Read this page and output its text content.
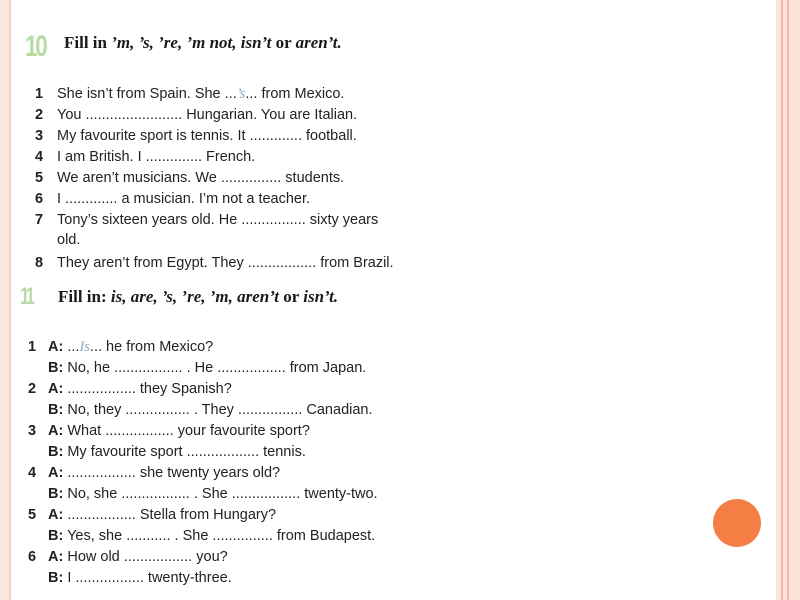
10 Fill in ’m, ’s, ’re, ’m not, isn’t or aren’t.
1 She isn’t from Spain. She ...’s... from Mexico.
2 You ........................ Hungarian. You are Italian.
3 My favourite sport is tennis. It ............. football.
4 I am British. I .............. French.
5 We aren’t musicians. We ............... students.
6 I ............. a musician. I’m not a teacher.
7 Tony’s sixteen years old. He ................ sixty years
old.
8 They aren’t from Egypt. They ................. from Brazil.
11 Fill in: is, are, ’s, ’re, ’m, aren’t or isn’t.
1 A: ...Is... he from Mexico?
B: No, he ................. . He ................. from Japan.
2 A: ................. they Spanish?
B: No, they ................ . They ................ Canadian.
3 A: What ................. your favourite sport?
B: My favourite sport .................. tennis.
4 A: ................. she twenty years old?
B: No, she ................. . She ................. twenty-two.
5 A: ................. Stella from Hungary?
B: Yes, she ........... . She ............... from Budapest.
6 A: How old ................. you?
B: I ................. twenty-three.
